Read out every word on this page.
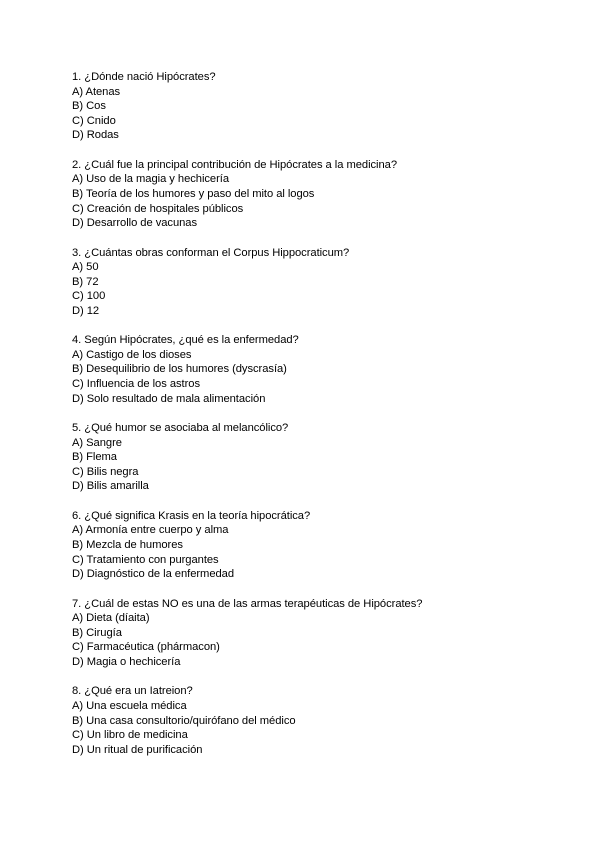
1. ¿Dónde nació Hipócrates?
A) Atenas
B) Cos
C) Cnido
D) Rodas
2. ¿Cuál fue la principal contribución de Hipócrates a la medicina?
A) Uso de la magia y hechicería
B) Teoría de los humores y paso del mito al logos
C) Creación de hospitales públicos
D) Desarrollo de vacunas
3. ¿Cuántas obras conforman el Corpus Hippocraticum?
A) 50
B) 72
C) 100
D) 12
4. Según Hipócrates, ¿qué es la enfermedad?
A) Castigo de los dioses
B) Desequilibrio de los humores (dyscrasía)
C) Influencia de los astros
D) Solo resultado de mala alimentación
5. ¿Qué humor se asociaba al melancólico?
A) Sangre
B) Flema
C) Bilis negra
D) Bilis amarilla
6. ¿Qué significa Krasis en la teoría hipocrática?
A) Armonía entre cuerpo y alma
B) Mezcla de humores
C) Tratamiento con purgantes
D) Diagnóstico de la enfermedad
7. ¿Cuál de estas NO es una de las armas terapéuticas de Hipócrates?
A) Dieta (díaita)
B) Cirugía
C) Farmacéutica (phármacon)
D) Magia o hechicería
8. ¿Qué era un Iatreion?
A) Una escuela médica
B) Una casa consultorio/quirófano del médico
C) Un libro de medicina
D) Un ritual de purificación
